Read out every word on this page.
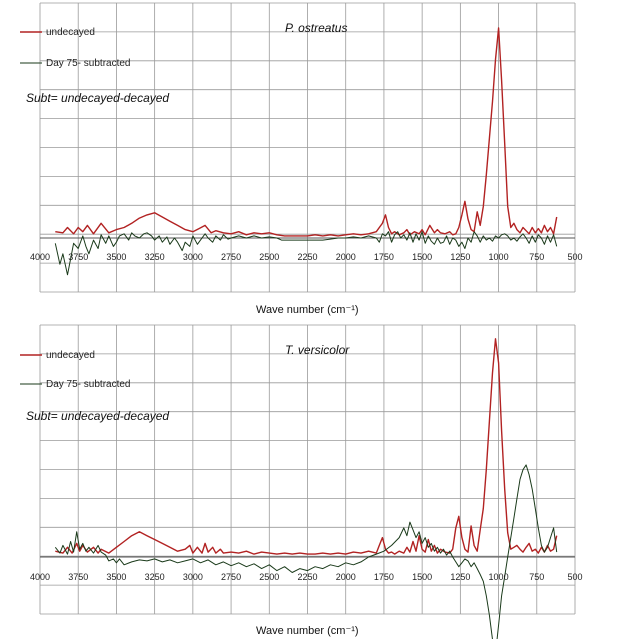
4000 3750 3500 3250 3000 2750 2500 2250 2000 1750 1500 1250 1000 750	500
undecayed
Day 75- subtracted
Subt= undecayed-decayed
P. ostreatus
Wave number (cm⁻¹)
4000 3750 3500 3250 3000 2750 2500 2250 2000 1750 1500 1250 1000 750	500
undecayed
Day 75- subtracted
Subt= undecayed-decayed
T. versicolor
Wave number (cm⁻¹)
